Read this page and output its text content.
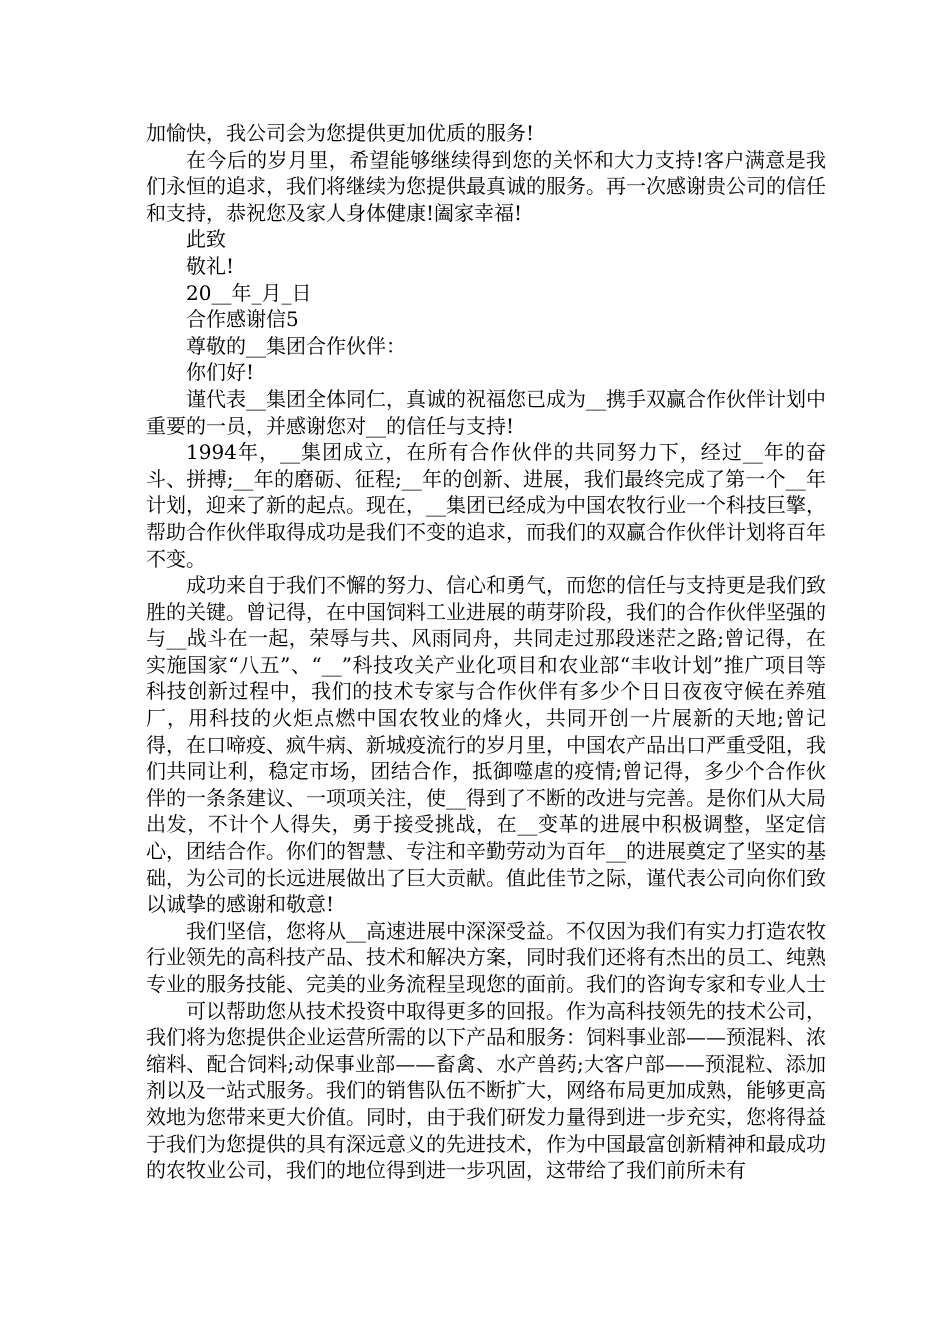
加愉快，我公司会为您提供更加优质的服务!

在今后的岁月里，希望能够继续得到您的关怀和大力支持!客户满意是我们永恒的追求，我们将继续为您提供最真诚的服务。再一次感谢贵公司的信任和支持，恭祝您及家人身体健康!阖家幸福!

此致

敬礼!

20__年_月_日

合作感谢信5

尊敬的__集团合作伙伴：

你们好!

谨代表__集团全体同仁，真诚的祝福您已成为__携手双赢合作伙伴计划中重要的一员，并感谢您对__的信任与支持!

1994年，__集团成立，在所有合作伙伴的共同努力下，经过__年的奋斗、拼搏;__年的磨砺、征程;__年的创新、进展，我们最终完成了第一个__年计划，迎来了新的起点。现在，__集团已经成为中国农牧行业一个科技巨擎，帮助合作伙伴取得成功是我们不变的追求，而我们的双赢合作伙伴计划将百年不变。

成功来自于我们不懈的努力、信心和勇气，而您的信任与支持更是我们致胜的关键。曾记得，在中国饲料工业进展的萌芽阶段，我们的合作伙伴坚强的与__战斗在一起，荣辱与共、风雨同舟，共同走过那段迷茫之路;曾记得，在实施国家“八五”、“__”科技攻关产业化项目和农业部“丰收计划”推广项目等科技创新过程中，我们的技术专家与合作伙伴有多少个日日夜夜守候在养殖厂，用科技的火炬点燃中国农牧业的烽火，共同开创一片展新的天地;曾记得，在口啼疫、疯牛病、新城疫流行的岁月里，中国农产品出口严重受阻，我们共同让利，稳定市场，团结合作，抵御噬虐的疫情;曾记得，多少个合作伙伴的一条条建议、一项项关注，使__得到了不断的改进与完善。是你们从大局出发，不计个人得失，勇于接受挑战，在__变革的进展中积极调整，坚定信心，团结合作。你们的智慧、专注和辛勤劳动为百年__的进展奠定了坚实的基础，为公司的长远进展做出了巨大贡献。值此佳节之际，谨代表公司向你们致以诚挚的感谢和敬意!

我们坚信，您将从__高速进展中深深受益。不仅因为我们有实力打造农牧行业领先的高科技产品、技术和解决方案，同时我们还将有杰出的员工、纯熟专业的服务技能、完美的业务流程呈现您的面前。我们的咨询专家和专业人士

可以帮助您从技术投资中取得更多的回报。作为高科技领先的技术公司，我们将为您提供企业运营所需的以下产品和服务：饲料事业部——预混料、浓缩料、配合饲料;动保事业部——畜禽、水产兽药;大客户部——预混粒、添加剂以及一站式服务。我们的销售队伍不断扩大，网络布局更加成熟，能够更高效地为您带来更大价值。同时，由于我们研发力量得到进一步充实，您将得益于我们为您提供的具有深远意义的先进技术，作为中国最富创新精神和最成功的农牧业公司，我们的地位得到进一步巩固，这带给了我们前所未有
